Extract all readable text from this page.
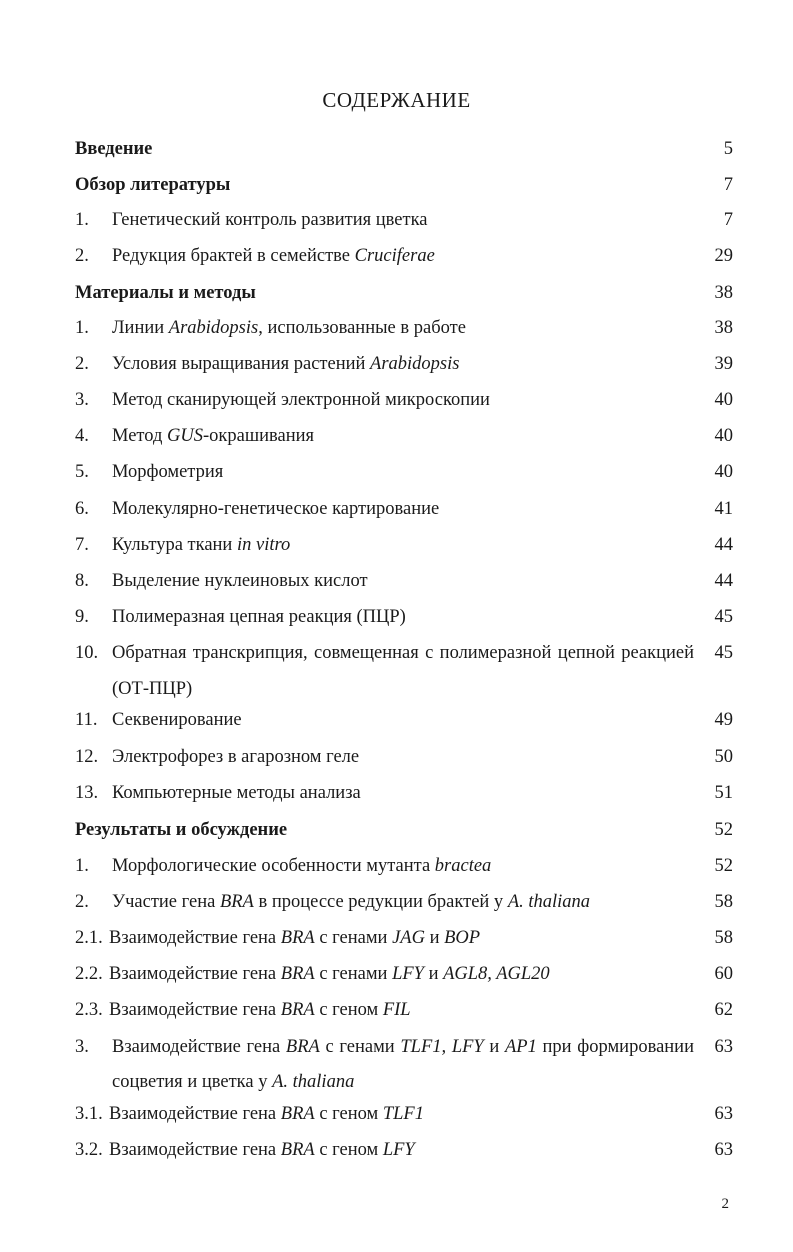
СОДЕРЖАНИЕ
Введение	5
Обзор литературы	7
1. Генетический контроль развития цветка	7
2. Редукция брактей в семействе Cruciferae	29
Материалы и методы	38
1. Линии Arabidopsis, использованные в работе	38
2. Условия выращивания растений Arabidopsis	39
3. Метод сканирующей электронной микроскопии	40
4. Метод GUS-окрашивания	40
5. Морфометрия	40
6. Молекулярно-генетическое картирование	41
7. Культура ткани in vitro	44
8. Выделение нуклеиновых кислот	44
9. Полимеразная цепная реакция (ПЦР)	45
10. Обратная транскрипция, совмещенная с полимеразной цепной реакцией 45
(ОТ-ПЦР)
11. Секвенирование	49
12. Электрофорез в агарозном геле	50
13. Компьютерные методы анализа	51
Результаты и обсуждение	52
1. Морфологические особенности мутанта bractea	52
2. Участие гена BRA в процессе редукции брактей у A. thaliana	58
2.1. Взаимодействие гена BRA с генами JAG и BOP	58
2.2. Взаимодействие гена BRA с генами LFY и AGL8, AGL20	60
2.3. Взаимодействие гена BRA с геном FIL	62
3. Взаимодействие гена BRA с генами TLF1, LFY и AP1 при формировании 63
соцветия и цветка у A. thaliana
3.1. Взаимодействие гена BRA с геном TLF1	63
3.2. Взаимодействие гена BRA с геном LFY	63
2
